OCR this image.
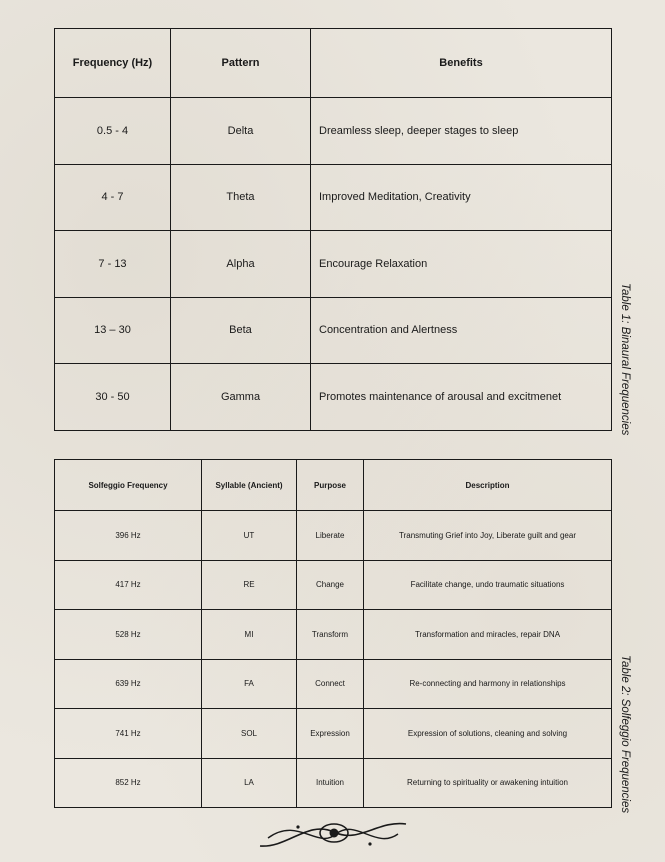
Frequency (Hz)	Pattern	Benefits
0.5 - 4	Delta	Dreamless sleep, deeper stages to sleep
4 - 7	Theta	Improved Meditation, Creativity
7 - 13	Alpha	Encourage Relaxation
13 – 30	Beta	Concentration and Alertness
30 - 50	Gamma	Promotes maintenance of arousal and excitmenet	Table 1: Binaural Frequencies
Solfeggio Frequency	Syllable (Ancient)	Purpose	Description
396 Hz	UT	Liberate	Transmuting Grief into Joy, Liberate guilt and gear
417 Hz	RE	Change	Facilitate change, undo traumatic situations
528 Hz	MI	Transform	Transformation and miracles, repair DNA
639 Hz	FA	Connect	Re-connecting and harmony in relationships
741 Hz	SOL	Expression	Expression of solutions, cleaning and solving
852 Hz	LA	Intuition	Returning to spirituality or awakening intuition	Table 2: Solfeggio Frequencies
